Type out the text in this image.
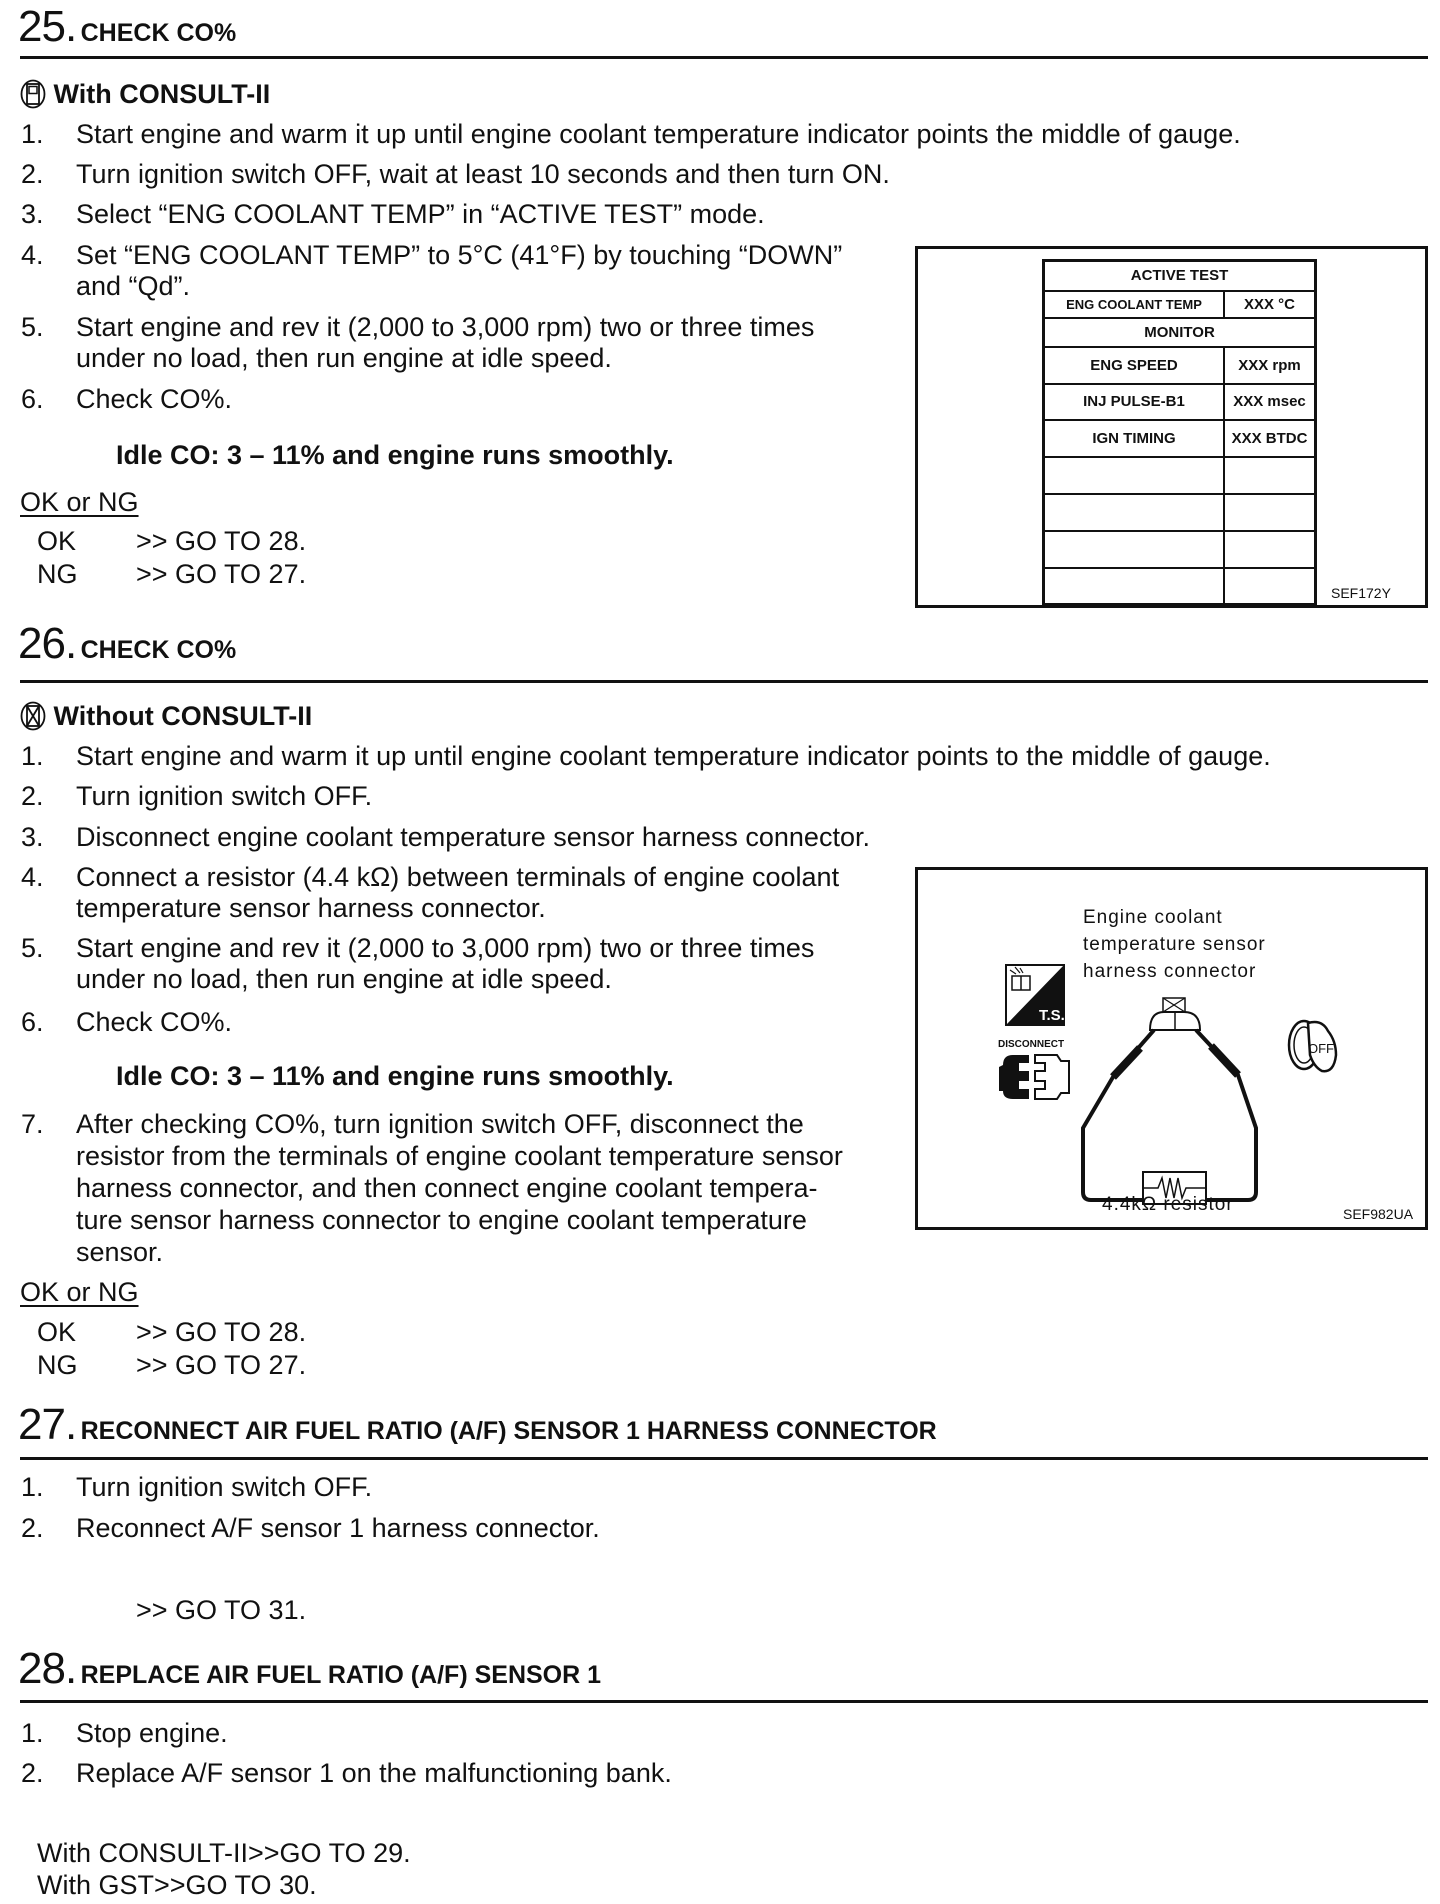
25. CHECK CO%
With CONSULT-II
1. Start engine and warm it up until engine coolant temperature indicator points the middle of gauge.
2. Turn ignition switch OFF, wait at least 10 seconds and then turn ON.
3. Select “ENG COOLANT TEMP” in “ACTIVE TEST” mode.
4. Set “ENG COOLANT TEMP” to 5°C (41°F) by touching “DOWN”
and “Qd”.
5. Start engine and rev it (2,000 to 3,000 rpm) two or three times
under no load, then run engine at idle speed.
6. Check CO%.
Idle CO: 3 – 11% and engine runs smoothly.
OK or NG
OK >> GO TO 28.
NG >> GO TO 27.
ACTIVE TEST	
ENG COOLANT TEMP	XXX °C
MONITOR	
ENG SPEED	XXX rpm
INJ PULSE-B1	XXX msec
IGN TIMING	XXX BTDC

SEF172Y
26. CHECK CO%
Without CONSULT-II
1. Start engine and warm it up until engine coolant temperature indicator points to the middle of gauge.
2. Turn ignition switch OFF.
3. Disconnect engine coolant temperature sensor harness connector.
4. Connect a resistor (4.4 kΩ) between terminals of engine coolant
temperature sensor harness connector.
5. Start engine and rev it (2,000 to 3,000 rpm) two or three times
under no load, then run engine at idle speed.
6. Check CO%.
Idle CO: 3 – 11% and engine runs smoothly.
7. After checking CO%, turn ignition switch OFF, disconnect the
resistor from the terminals of engine coolant temperature sensor
harness connector, and then connect engine coolant tempera-
ture sensor harness connector to engine coolant temperature
sensor.
OK or NG
OK >> GO TO 28.
NG >> GO TO 27.
Engine coolant
temperature sensor
harness connector
T.S.
DISCONNECT	OFF
4.4kΩ resistor	SEF982UA
27. RECONNECT AIR FUEL RATIO (A/F) SENSOR 1 HARNESS CONNECTOR
1. Turn ignition switch OFF.
2. Reconnect A/F sensor 1 harness connector.
>> GO TO 31.
28. REPLACE AIR FUEL RATIO (A/F) SENSOR 1
1. Stop engine.
2. Replace A/F sensor 1 on the malfunctioning bank.
With CONSULT-II>>GO TO 29.
With GST>>GO TO 30.
